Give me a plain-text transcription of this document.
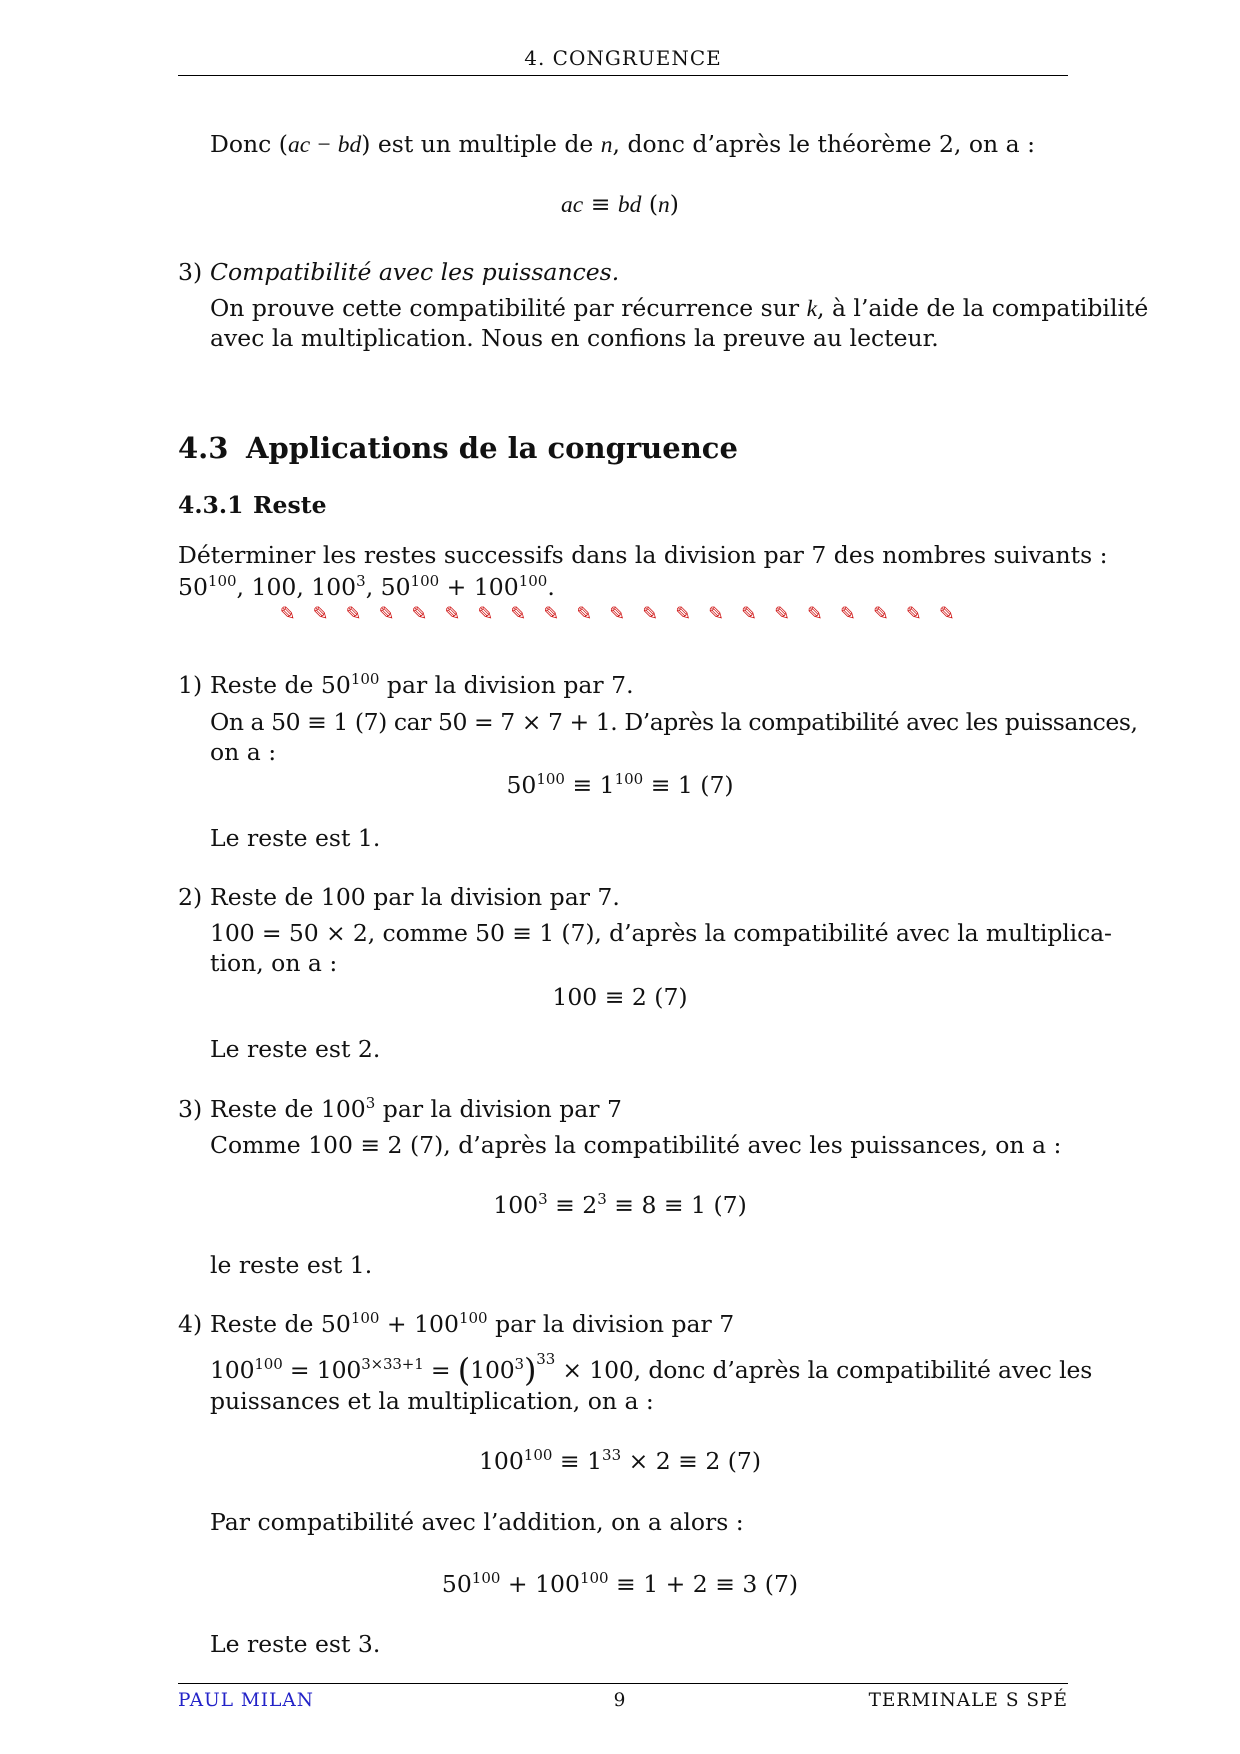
4. CONGRUENCE
Donc (ac − bd) est un multiple de n, donc d’après le théorème 2, on a :
ac ≡ bd (n)
3) Compatibilité avec les puissances.
On prouve cette compatibilité par récurrence sur k, à l’aide de la compatibilité
avec la multiplication. Nous en confions la preuve au lecteur.
4.3 Applications de la congruence
4.3.1 Reste
Déterminer les restes successifs dans la division par 7 des nombres suivants :
$50^{100}$, 100, $100^3$, $50^{100} + 100^{100}$.
✎ ✎ ✎ ✎ ✎ ✎ ✎ ✎ ✎ ✎ ✎ ✎ ✎ ✎ ✎ ✎ ✎ ✎ ✎ ✎ ✎
1) Reste de $50^{100}$ par la division par 7.
On a 50 ≡ 1 (7) car 50 = 7 × 7 + 1. D’après la compatibilité avec les puissances,
on a :
$50^{100} \equiv 1^{100} \equiv 1$ (7)
Le reste est 1.
2) Reste de 100 par la division par 7.
100 = 50 × 2, comme 50 ≡ 1 (7), d’après la compatibilité avec la multiplica-
tion, on a :
100 ≡ 2 (7)
Le reste est 2.
3) Reste de $100^3$ par la division par 7
Comme 100 ≡ 2 (7), d’après la compatibilité avec les puissances, on a :
$100^3 \equiv 2^3 \equiv 8 \equiv 1$ (7)
le reste est 1.
4) Reste de $50^{100} + 100^{100}$ par la division par 7
$100^{100} = 100^{3\times 33+1} = (100^3)^{33} \times 100$, donc d’après la compatibilité avec les
puissances et la multiplication, on a :
$100^{100} \equiv 1^{33} \times 2 \equiv 2$ (7)
Par compatibilité avec l’addition, on a alors :
$50^{100} + 100^{100} \equiv 1 + 2 \equiv 3$ (7)
Le reste est 3.
PAUL MILAN	9	TERMINALE S SPÉ
